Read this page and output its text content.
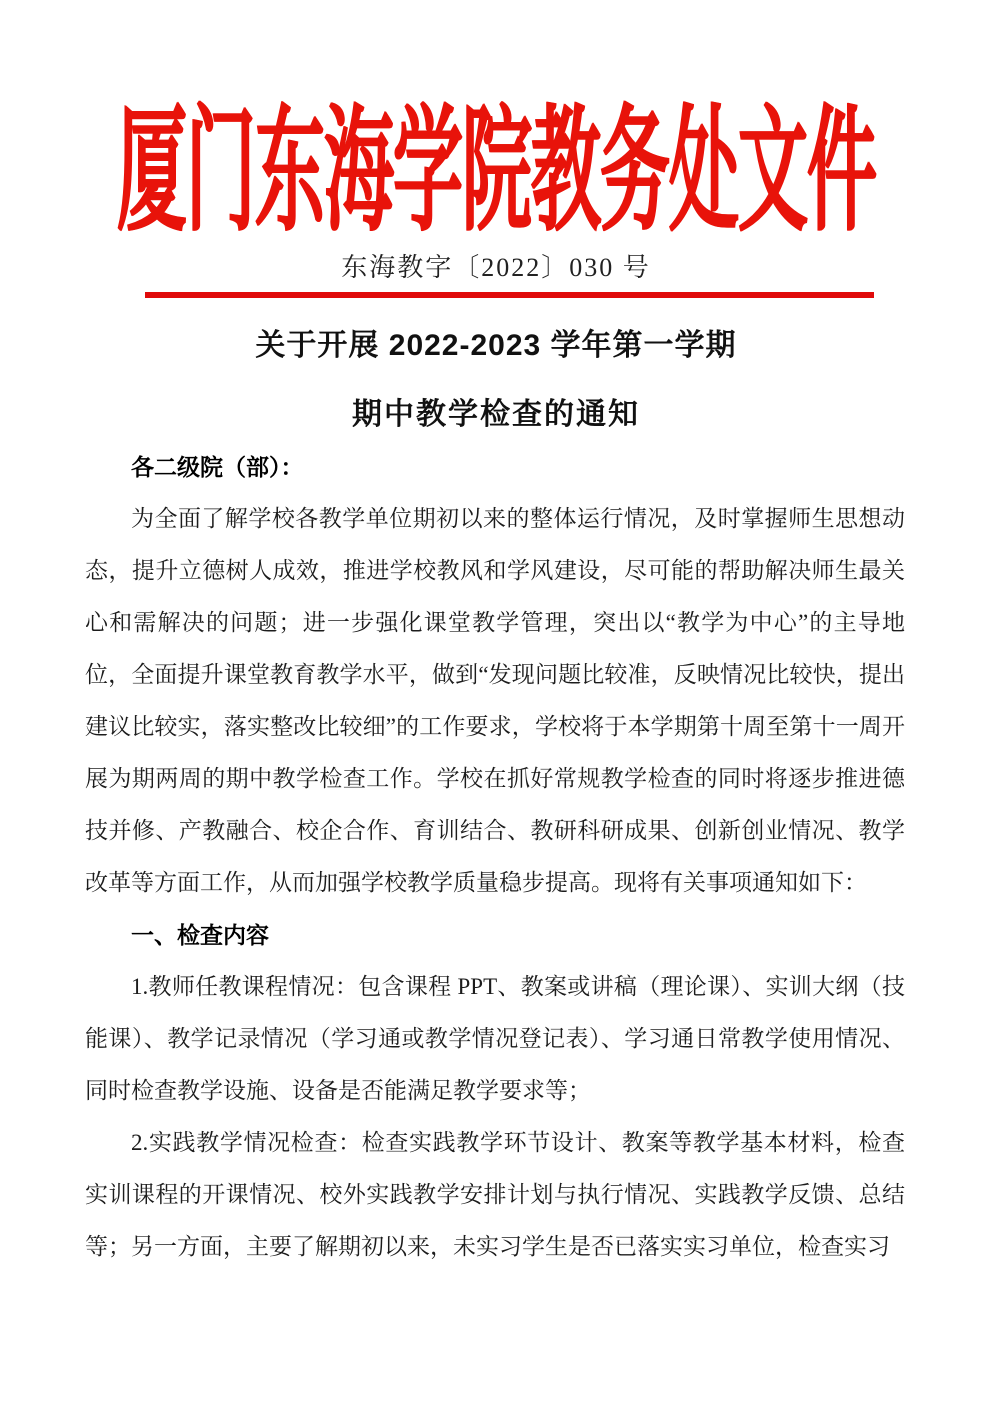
厦门东海学院教务处文件
东海教字〔2022〕030 号
关于开展 2022-2023 学年第一学期
期中教学检查的通知

各二级院（部）：

为全面了解学校各教学单位期初以来的整体运行情况，及时掌握师生思想动态，提升立德树人成效，推进学校教风和学风建设，尽可能的帮助解决师生最关心和需解决的问题；进一步强化课堂教学管理，突出以“教学为中心”的主导地位，全面提升课堂教育教学水平，做到“发现问题比较准，反映情况比较快，提出建议比较实，落实整改比较细”的工作要求，学校将于本学期第十周至第十一周开展为期两周的期中教学检查工作。学校在抓好常规教学检查的同时将逐步推进德技并修、产教融合、校企合作、育训结合、教研科研成果、创新创业情况、教学改革等方面工作，从而加强学校教学质量稳步提高。现将有关事项通知如下：

一、检查内容

1.教师任教课程情况：包含课程 PPT、教案或讲稿（理论课）、实训大纲（技能课）、教学记录情况（学习通或教学情况登记表）、学习通日常教学使用情况、同时检查教学设施、设备是否能满足教学要求等；

2.实践教学情况检查：检查实践教学环节设计、教案等教学基本材料，检查实训课程的开课情况、校外实践教学安排计划与执行情况、实践教学反馈、总结等；另一方面，主要了解期初以来，未实习学生是否已落实实习单位，检查实习
